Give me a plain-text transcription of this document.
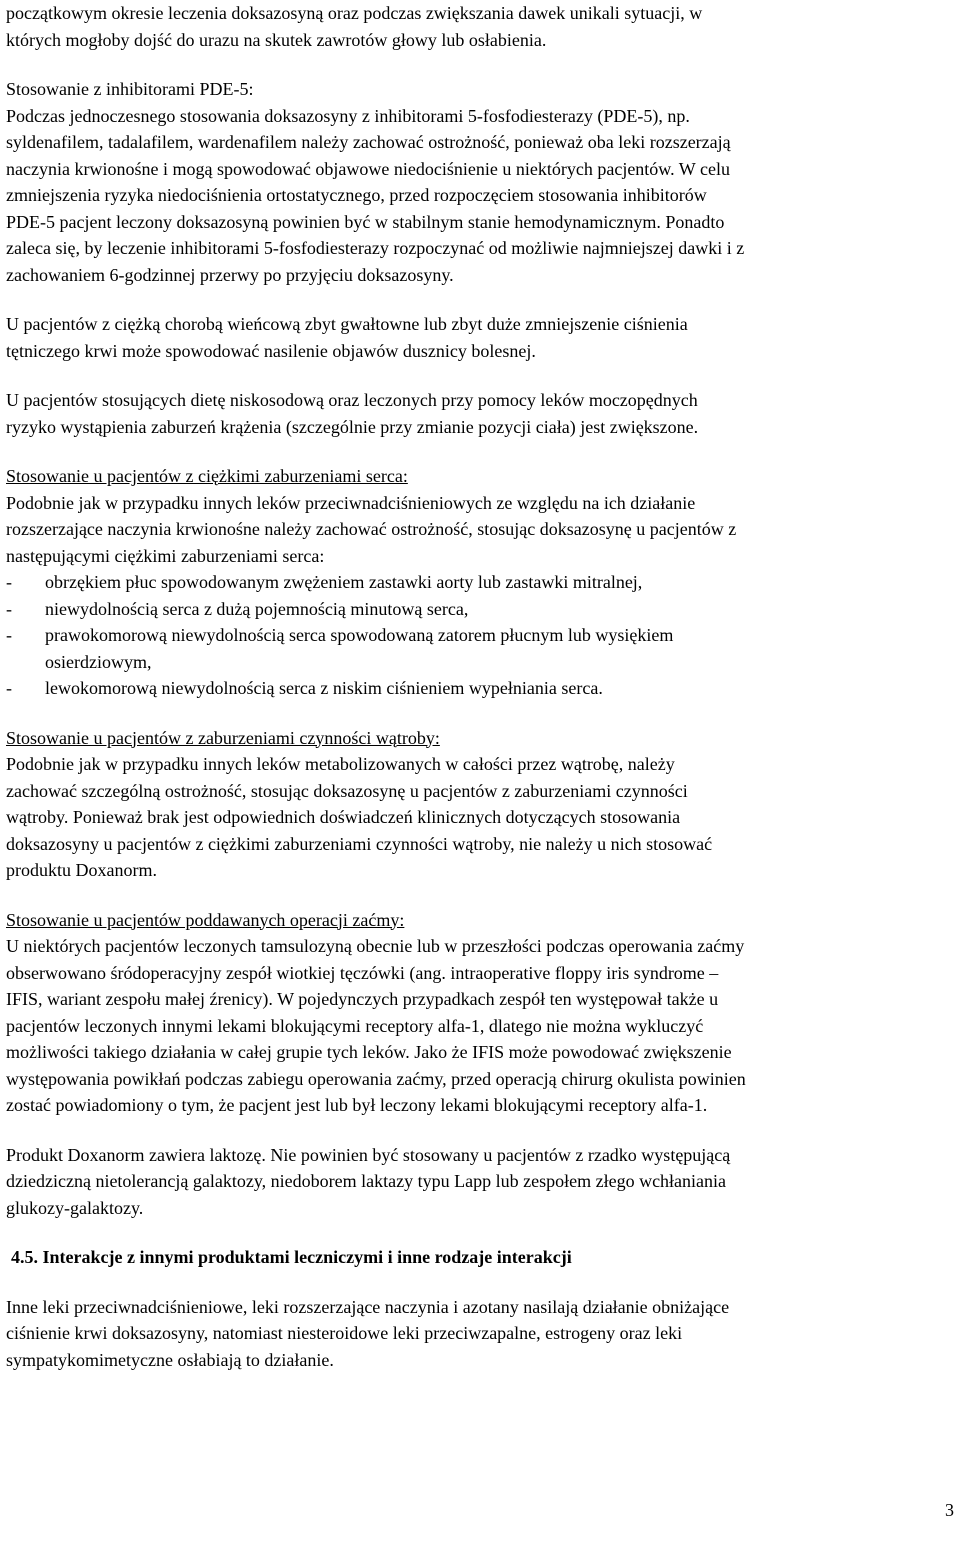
początkowym okresie leczenia doksazosyną oraz podczas zwiększania dawek unikali sytuacji, w

których mogłoby dojść do urazu na skutek zawrotów głowy lub osłabienia.

Stosowanie z inhibitorami PDE-5:

Podczas jednoczesnego stosowania doksazosyny z inhibitorami 5-fosfodiesterazy (PDE-5), np.

syldenafilem, tadalafilem, wardenafilem należy zachować ostrożność, ponieważ oba leki rozszerzają

naczynia krwionośne i mogą spowodować objawowe niedociśnienie u niektórych pacjentów. W celu

zmniejszenia ryzyka niedociśnienia ortostatycznego, przed rozpoczęciem stosowania inhibitorów

PDE-5 pacjent leczony doksazosyną powinien być w stabilnym stanie hemodynamicznym. Ponadto

zaleca się, by leczenie inhibitorami 5-fosfodiesterazy rozpoczynać od możliwie najmniejszej dawki i z

zachowaniem 6-godzinnej przerwy po przyjęciu doksazosyny.

U pacjentów z ciężką chorobą wieńcową zbyt gwałtowne lub zbyt duże zmniejszenie ciśnienia

tętniczego krwi może spowodować nasilenie objawów dusznicy bolesnej.

U pacjentów stosujących dietę niskosodową oraz leczonych przy pomocy leków moczopędnych

ryzyko wystąpienia zaburzeń krążenia (szczególnie przy zmianie pozycji ciała) jest zwiększone.

Stosowanie u pacjentów z ciężkimi zaburzeniami serca:

Podobnie jak w przypadku innych leków przeciwnadciśnieniowych ze względu na ich działanie

rozszerzające naczynia krwionośne należy zachować ostrożność, stosując doksazosynę u pacjentów z

następującymi ciężkimi zaburzeniami serca:

-	obrzękiem płuc spowodowanym zwężeniem zastawki aorty lub zastawki mitralnej,
-	niewydolnością serca z dużą pojemnością minutową serca,
-	prawokomorową niewydolnością serca spowodowaną zatorem płucnym lub wysiękiem
osierdziowym,
-	lewokomorową niewydolnością serca z niskim ciśnieniem wypełniania serca.

Stosowanie u pacjentów z zaburzeniami czynności wątroby:

Podobnie jak w przypadku innych leków metabolizowanych w całości przez wątrobę, należy

zachować szczególną ostrożność, stosując doksazosynę u pacjentów z zaburzeniami czynności

wątroby. Ponieważ brak jest odpowiednich doświadczeń klinicznych dotyczących stosowania

doksazosyny u pacjentów z ciężkimi zaburzeniami czynności wątroby, nie należy u nich stosować

produktu Doxanorm.

Stosowanie u pacjentów poddawanych operacji zaćmy:

U niektórych pacjentów leczonych tamsulozyną obecnie lub w przeszłości podczas operowania zaćmy

obserwowano śródoperacyjny zespół wiotkiej tęczówki (ang. intraoperative floppy iris syndrome –

IFIS, wariant zespołu małej źrenicy). W pojedynczych przypadkach zespół ten występował także u

pacjentów leczonych innymi lekami blokującymi receptory alfa-1, dlatego nie można wykluczyć

możliwości takiego działania w całej grupie tych leków. Jako że IFIS może powodować zwiększenie

występowania powikłań podczas zabiegu operowania zaćmy, przed operacją chirurg okulista powinien

zostać powiadomiony o tym, że pacjent jest lub był leczony lekami blokującymi receptory alfa-1.

Produkt Doxanorm zawiera laktozę. Nie powinien być stosowany u pacjentów z rzadko występującą

dziedziczną nietolerancją galaktozy, niedoborem laktazy typu Lapp lub zespołem złego wchłaniania

glukozy-galaktozy.

4.5. Interakcje z innymi produktami leczniczymi i inne rodzaje interakcji

Inne leki przeciwnadciśnieniowe, leki rozszerzające naczynia i azotany nasilają działanie obniżające

ciśnienie krwi doksazosyny, natomiast niesteroidowe leki przeciwzapalne, estrogeny oraz leki

sympatykomimetyczne osłabiają to działanie.

3
